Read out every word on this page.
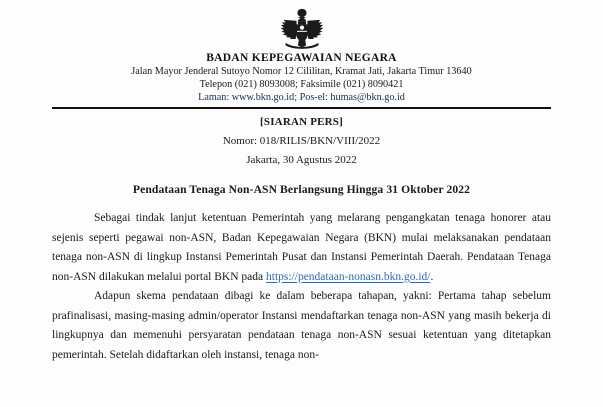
BADAN KEPEGAWAIAN NEGARA
Jalan Mayor Jenderal Sutoyo Nomor 12 Cililitan, Kramat Jati, Jakarta Timur 13640
Telepon (021) 8093008; Faksimile (021) 8090421
Laman: www.bkn.go.id; Pos-el: humas@bkn.go.id
[SIARAN PERS]
Nomor: 018/RILIS/BKN/VIII/2022
Jakarta, 30 Agustus 2022
Pendataan Tenaga Non-ASN Berlangsung Hingga 31 Oktober 2022

Sebagai tindak lanjut ketentuan Pemerintah yang melarang pengangkatan tenaga honorer atau sejenis seperti pegawai non-ASN, Badan Kepegawaian Negara (BKN) mulai melaksanakan pendataan tenaga non-ASN di lingkup Instansi Pemerintah Pusat dan Instansi Pemerintah Daerah. Pendataan Tenaga non-ASN dilakukan melalui portal BKN pada https://pendataan-nonasn.bkn.go.id/.

Adapun skema pendataan dibagi ke dalam beberapa tahapan, yakni: Pertama tahap sebelum prafinalisasi, masing-masing admin/operator Instansi mendaftarkan tenaga non-ASN yang masih bekerja di lingkupnya dan memenuhi persyaratan pendataan tenaga non-ASN sesuai ketentuan yang ditetapkan pemerintah. Setelah didaftarkan oleh instansi, tenaga non-
